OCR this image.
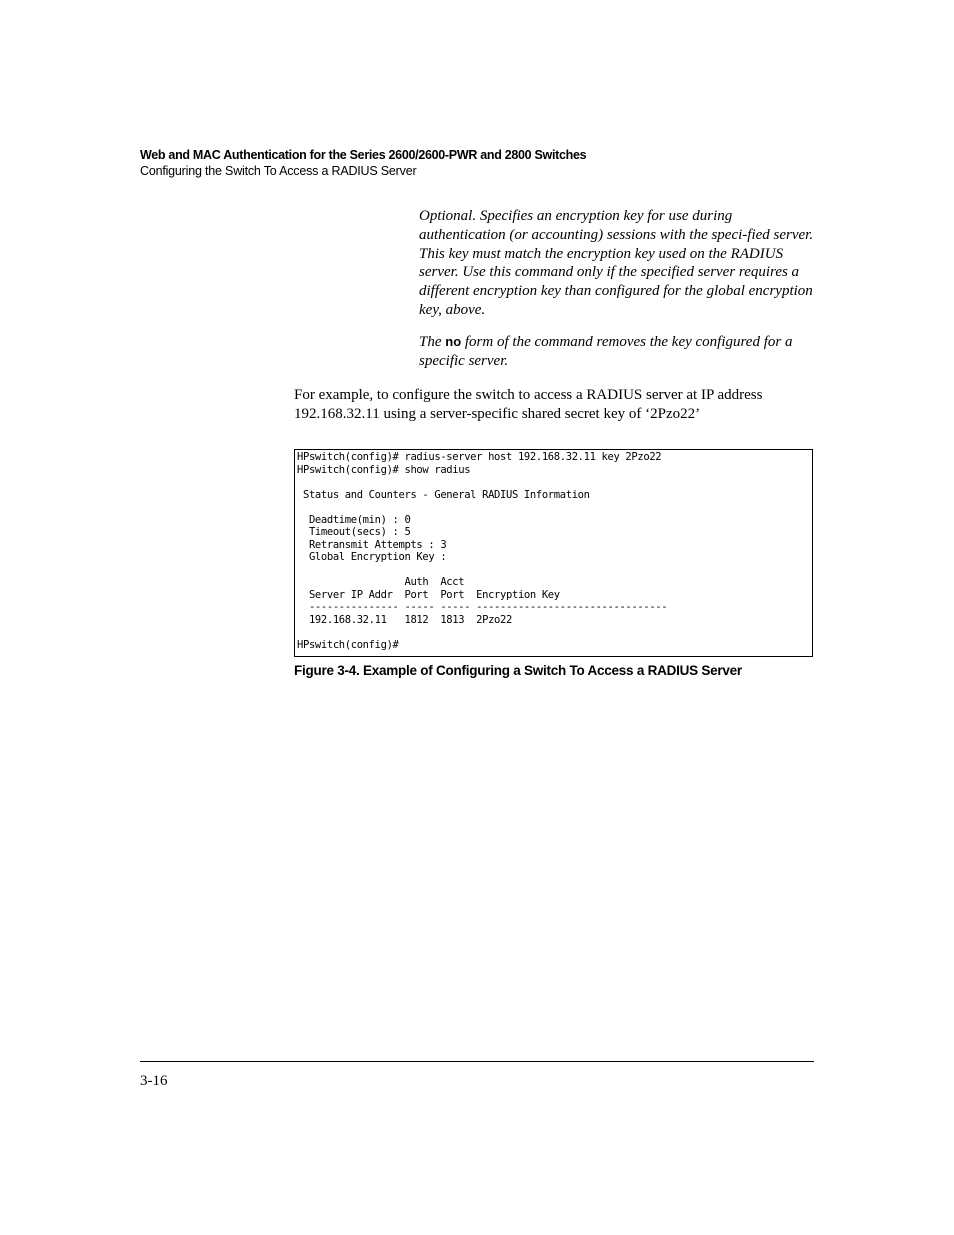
Web and MAC Authentication for the Series 2600/2600-PWR and 2800 Switches
Configuring the Switch To Access a RADIUS Server

Optional. Specifies an encryption key for use during authentication (or accounting) sessions with the speci-fied server. This key must match the encryption key used on the RADIUS server. Use this command only if the specified server requires a different encryption key than configured for the global encryption key, above.

The no form of the command removes the key configured for a specific server.

For example, to configure the switch to access a RADIUS server at IP address 192.168.32.11 using a server-specific shared secret key of ‘2Pzo22’

HPswitch(config)# radius-server host 192.168.32.11 key 2Pzo22
HPswitch(config)# show radius

Status and Counters - General RADIUS Information

Deadtime(min) : 0
Timeout(secs) : 5
Retransmit Attempts : 3
Global Encryption Key :

Auth  Acct
Server IP Addr  Port  Port  Encryption Key
--------------- ----- ----- --------------------------------
192.168.32.11   1812  1813  2Pzo22

HPswitch(config)#
Figure 3-4. Example of Configuring a Switch To Access a RADIUS Server
3-16
